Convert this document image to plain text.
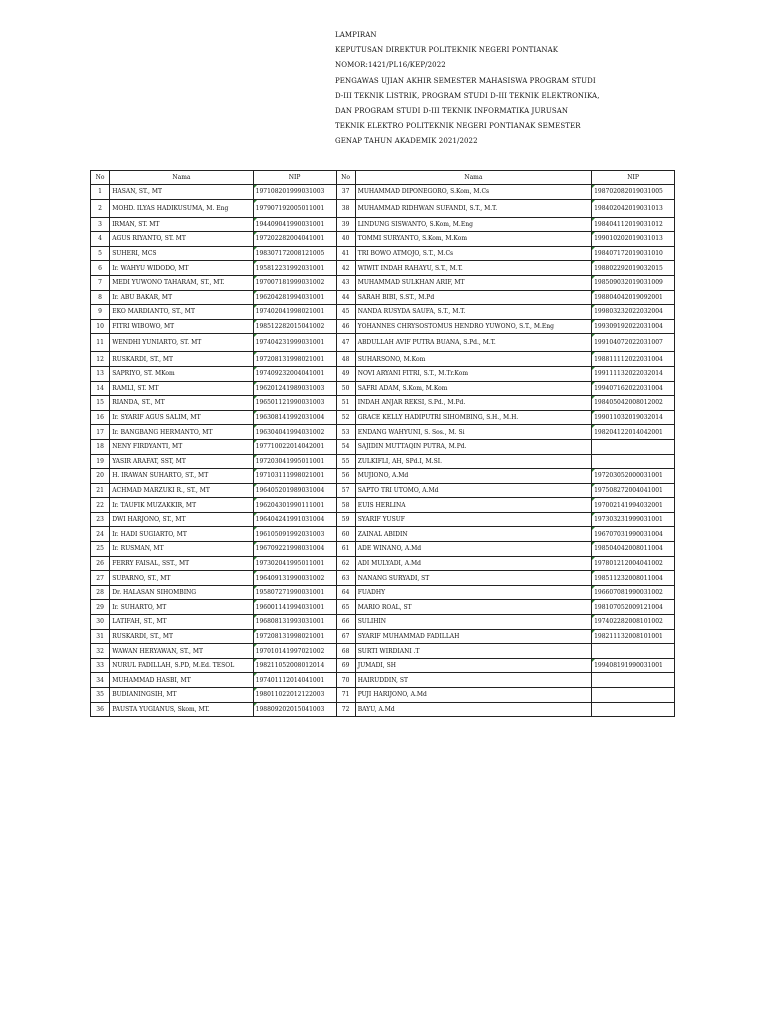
LAMPIRAN
KEPUTUSAN DIREKTUR POLITEKNIK NEGERI PONTIANAK
NOMOR:1421/PL16/KEP/2022
PENGAWAS UJIAN AKHIR SEMESTER MAHASISWA PROGRAM STUDI
D-III TEKNIK LISTRIK, PROGRAM STUDI D-III TEKNIK ELEKTRONIKA,
DAN PROGRAM STUDI D-III TEKNIK INFORMATIKA JURUSAN
TEKNIK ELEKTRO POLITEKNIK NEGERI PONTIANAK SEMESTER
GENAP TAHUN AKADEMIK 2021/2022
No	Nama	NIP	No	Nama	NIP
1	HASAN, ST., MT	197108201999031003	37	MUHAMMAD DIPONEGORO, S.Kom, M.Cs	198702082019031005
2	MOHD. ILYAS HADIKUSUMA, M. Eng	197907192005011001	38	MUHAMMAD RIDHWAN SUFANDI, S.T., M.T.	198402042019031013
3	IRMAN, ST. MT	194409041990031001	39	LINDUNG SISWANTO, S.Kom, M.Eng	198404112019031012
4	AGUS RIYANTO, ST. MT	197202282004041001	40	TOMMI SURYANTO, S.Kom, M.Kom	199010202019031013
5	SUHERI, MCS	198307172008121005	41	TRI BOWO ATMOJO, S.T., M.Cs	198407172019031010
6	Ir. WAHYU WIDODO, MT	195812231992031001	42	WIWIT INDAH RAHAYU, S.T., M.T.	198802292019032015
7	MEDI YUWONO TAHARAM, ST., MT.	197007181999031002	43	MUHAMMAD SULKHAN ARIF, MT	198509032019031009
8	Ir. ABU BAKAR, MT	196204281994031001	44	SARAH BIBI, S.ST., M.Pd	198804042019092001
9	EKO MARDIANTO, ST., MT	197402041998021001	45	NANDA RUSYDA SAUFA, S.T., M.T.	199803232022032004
10	FITRI WIBOWO, MT	198512282015041002	46	YOHANNES CHRYSOSTOMUS HENDRO YUWONO, S.T., M.Eng	199309192022031004
11	WENDHI YUNIARTO, ST. MT	197404231999031001	47	ABDULLAH AVIF PUTRA BUANA, S.Pd., M.T.	199104072022031007
12	RUSKARDI, ST., MT	197208131998021001	48	SUHARSONO, M.Kom	198811112022031004
13	SAPRIYO, ST. MKom	197409232004041001	49	NOVI ARYANI FITRI, S.T., M.Tr.Kom	199111132022032014
14	RAMLI, ST. MT	196201241989031003	50	SAFRI ADAM, S.Kom, M.Kom	199407162022031004
15	RIANDA, ST., MT	196501121990031003	51	INDAH ANJAR REKSI, S.Pd., M.Pd.	198405042008012002
16	Ir. SYARIF AGUS SALIM, MT	196308141992031004	52	GRACE KELLY HADIPUTRI SIHOMBING, S.H., M.H.	199011032019032014
17	Ir. BANGBANG HERMANTO, MT	196304041994031002	53	ENDANG WAHYUNI, S. Sos., M. Si	198204122014042001
18	NENY FIRDYANTI, MT	197710022014042001	54	SAJIDIN MUTTAQIN PUTRA, M.Pd.	
19	YASIR ARAFAT, SST, MT	197203041995011001	55	ZULKIFLI, AH, SPd.I, M.SI.	
20	H. IRAWAN SUHARTO, ST., MT	197103111998021001	56	MUJIONO, A.Md	197203052000031001
21	ACHMAD MARZUKI R., ST., MT	196405201989031004	57	SAPTO TRI UTOMO, A.Md	197508272004041001
22	Ir. TAUFIK MUZAKKIR, MT	196204301990111001	58	EUIS HERLINA	197002141994032001
23	DWI HARJONO, ST., MT	196404241991031004	59	SYARIF YUSUF	197303231999031001
24	Ir. HADI SUGIARTO, MT	196105091992031003	60	ZAINAL ABIDIN	196707031990031004
25	Ir. RUSMAN, MT	196709221998031004	61	ADE WINANO, A.Md	198504042008011004
26	FERRY FAISAL, SST., MT	197302041995011001	62	ADI MULYADI, A.Md	197801212004041002
27	SUPARNO, ST., MT	196409131990031002	63	NANANG SURYADI, ST	198511232008011004
28	Dr. HALASAN SIHOMBING	195807271990031001	64	FUADHY	196607081990031002
29	Ir. SUHARTO, MT	196001141994031001	65	MARIO ROAL, ST	198107052009121004
30	LATIFAH, ST., MT	196808131993031001	66	SULIHIN	197402282008101002
31	RUSKARDI, ST., MT	197208131998021001	67	SYARIF MUHAMMAD FADILLAH	198211132008101001
32	WAWAN HERYAWAN, ST., MT	197010141997021002	68	SURTI WIRDIANI .T	
33	NURUL FADILLAH, S.PD, M.Ed. TESOL	198211052008012014	69	JUMADI, SH	199408191990031001
34	MUHAMMAD HASBI, MT	197401112014041001	70	HAIRUDDIN, ST	
35	BUDIANINGSIH, MT	198011022012122003	71	PUJI HARIJONO, A.Md	
36	PAUSTA YUGIANUS, Skom, MT.	198809202015041003	72	BAYU, A.Md	
